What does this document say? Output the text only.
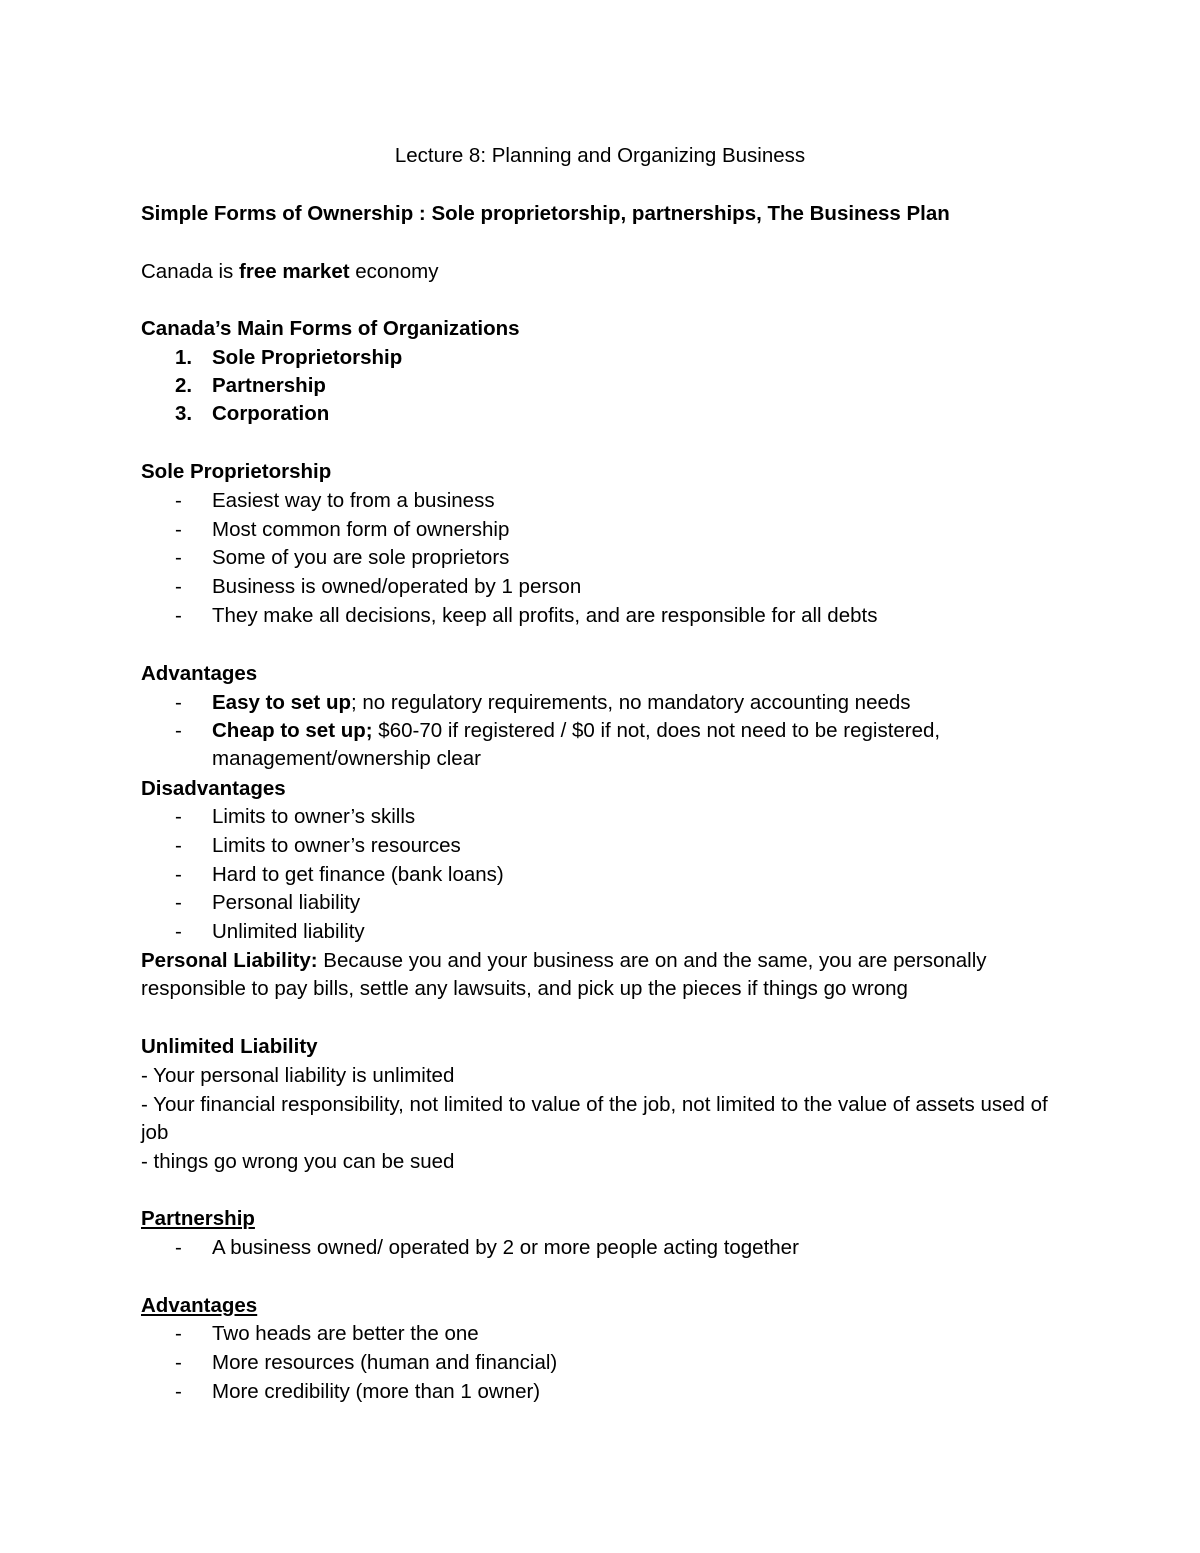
Lecture 8: Planning and Organizing Business
Simple Forms of Ownership : Sole proprietorship, partnerships, The Business Plan
Canada is free market economy
Canada’s Main Forms of Organizations
1. Sole Proprietorship
2. Partnership
3. Corporation
Sole Proprietorship
- Easiest way to from a business
- Most common form of ownership
- Some of you are sole proprietors
- Business is owned/operated by 1 person
- They make all decisions, keep all profits, and are responsible for all debts
Advantages
- Easy to set up; no regulatory requirements, no mandatory accounting needs
- Cheap to set up; $60-70 if registered / $0 if not, does not need to be registered, management/ownership clear
Disadvantages
- Limits to owner’s skills
- Limits to owner’s resources
- Hard to get finance (bank loans)
- Personal liability
- Unlimited liability
Personal Liability: Because you and your business are on and the same, you are personally responsible to pay bills, settle any lawsuits, and pick up the pieces if things go wrong
Unlimited Liability
- Your personal liability is unlimited
- Your financial responsibility, not limited to value of the job, not limited to the value of assets used of job
- things go wrong you can be sued
Partnership
- A business owned/ operated by 2 or more people acting together
Advantages
- Two heads are better the one
- More resources (human and financial)
- More credibility (more than 1 owner)
